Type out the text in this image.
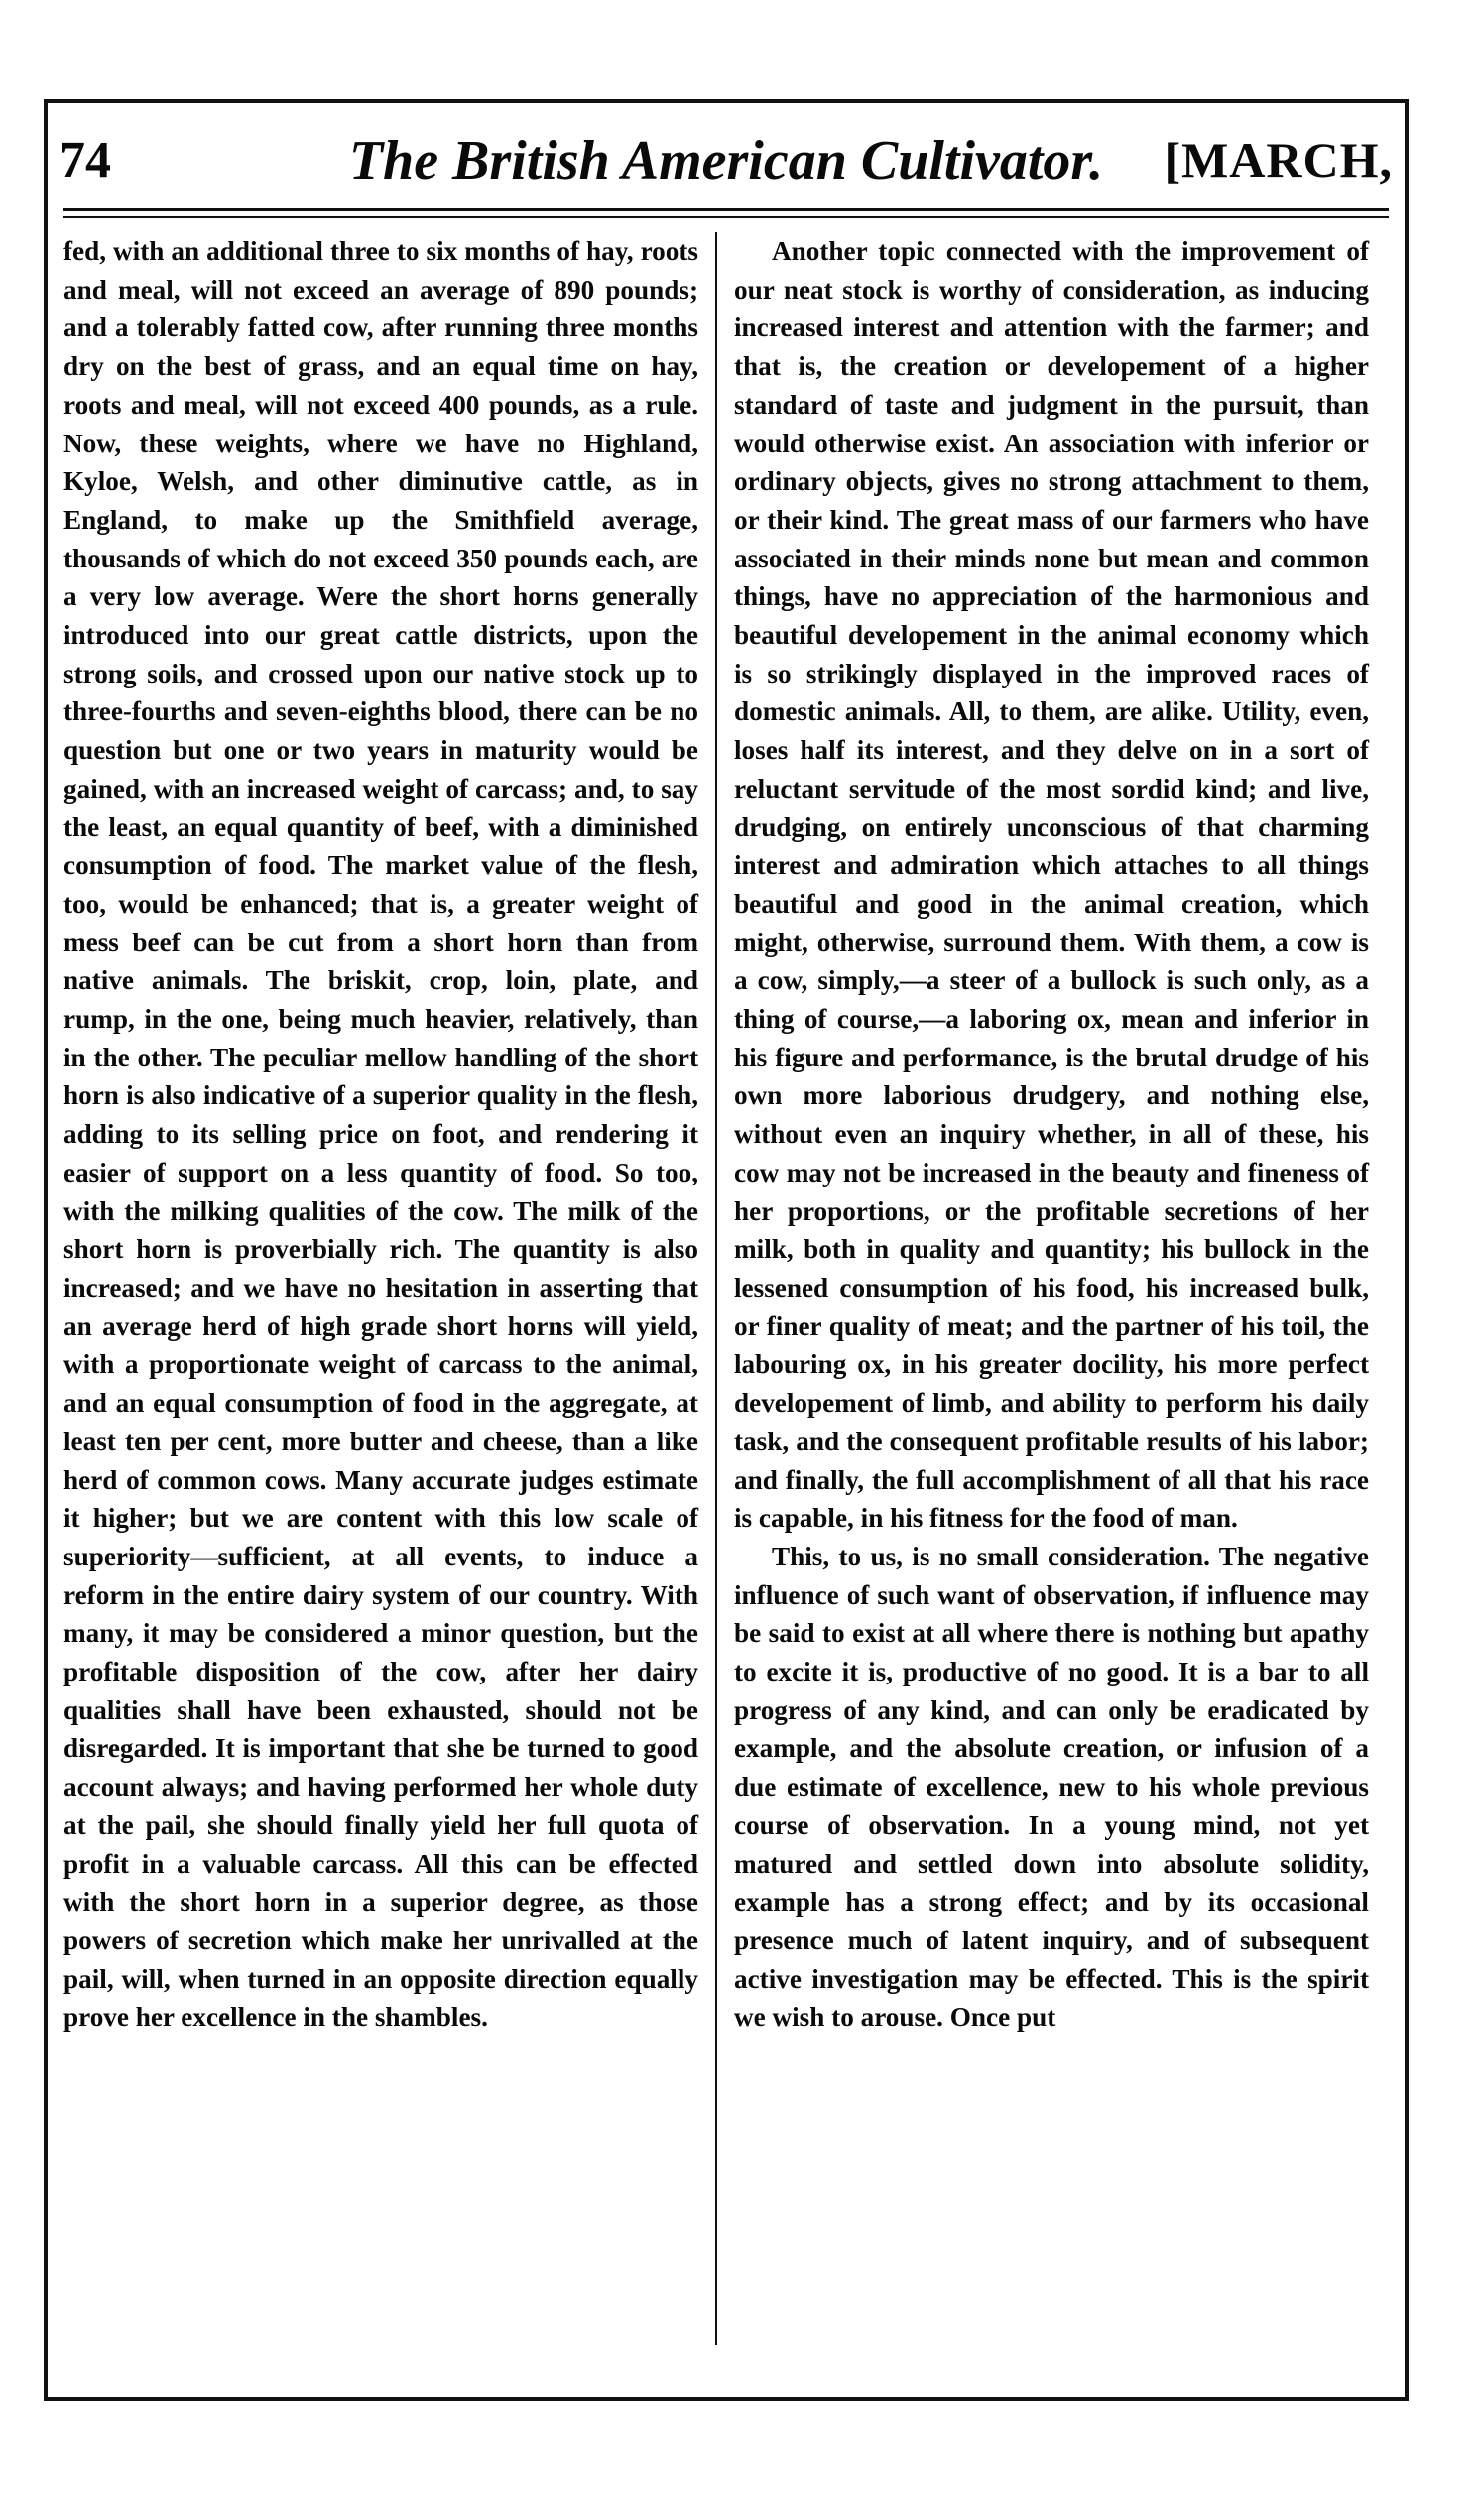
74	The British American Cultivator.	[MARCH,

fed, with an additional three to six months of hay, roots and meal, will not exceed an average of 890 pounds; and a tolerably fatted cow, after running three months dry on the best of grass, and an equal time on hay, roots and meal, will not exceed 400 pounds, as a rule. Now, these weights, where we have no Highland, Kyloe, Welsh, and other diminutive cattle, as in England, to make up the Smithfield average, thousands of which do not exceed 350 pounds each, are a very low average. Were the short horns generally introduced into our great cattle districts, upon the strong soils, and crossed upon our native stock up to three-fourths and seven-eighths blood, there can be no question but one or two years in maturity would be gained, with an increased weight of carcass; and, to say the least, an equal quantity of beef, with a diminished consumption of food. The market value of the flesh, too, would be enhanced; that is, a greater weight of mess beef can be cut from a short horn than from native animals. The briskit, crop, loin, plate, and rump, in the one, being much heavier, relatively, than in the other. The peculiar mellow handling of the short horn is also indicative of a superior quality in the flesh, adding to its selling price on foot, and rendering it easier of support on a less quantity of food. So too, with the milking qualities of the cow. The milk of the short horn is proverbially rich. The quantity is also increased; and we have no hesitation in asserting that an average herd of high grade short horns will yield, with a proportionate weight of carcass to the animal, and an equal consumption of food in the aggregate, at least ten per cent, more butter and cheese, than a like herd of common cows. Many accurate judges estimate it higher; but we are content with this low scale of superiority—sufficient, at all events, to induce a reform in the entire dairy system of our country. With many, it may be considered a minor question, but the profitable disposition of the cow, after her dairy qualities shall have been exhausted, should not be disregarded. It is important that she be turned to good account always; and having performed her whole duty at the pail, she should finally yield her full quota of profit in a valuable carcass. All this can be effected with the short horn in a superior degree, as those powers of secretion which make her unrivalled at the pail, will, when turned in an opposite direction equally prove her excellence in the shambles.

Another topic connected with the improvement of our neat stock is worthy of consideration, as inducing increased interest and attention with the farmer; and that is, the creation or developement of a higher standard of taste and judgment in the pursuit, than would otherwise exist. An association with inferior or ordinary objects, gives no strong attachment to them, or their kind. The great mass of our farmers who have associated in their minds none but mean and common things, have no appreciation of the harmonious and beautiful developement in the animal economy which is so strikingly displayed in the improved races of domestic animals. All, to them, are alike. Utility, even, loses half its interest, and they delve on in a sort of reluctant servitude of the most sordid kind; and live, drudging, on entirely unconscious of that charming interest and admiration which attaches to all things beautiful and good in the animal creation, which might, otherwise, surround them. With them, a cow is a cow, simply,—a steer of a bullock is such only, as a thing of course,—a laboring ox, mean and inferior in his figure and performance, is the brutal drudge of his own more laborious drudgery, and nothing else, without even an inquiry whether, in all of these, his cow may not be increased in the beauty and fineness of her proportions, or the profitable secretions of her milk, both in quality and quantity; his bullock in the lessened consumption of his food, his increased bulk, or finer quality of meat; and the partner of his toil, the labouring ox, in his greater docility, his more perfect developement of limb, and ability to perform his daily task, and the consequent profitable results of his labor; and finally, the full accomplishment of all that his race is capable, in his fitness for the food of man.

This, to us, is no small consideration. The negative influence of such want of observation, if influence may be said to exist at all where there is nothing but apathy to excite it is, productive of no good. It is a bar to all progress of any kind, and can only be eradicated by example, and the absolute creation, or infusion of a due estimate of excellence, new to his whole previous course of observation. In a young mind, not yet matured and settled down into absolute solidity, example has a strong effect; and by its occasional presence much of latent inquiry, and of subsequent active investigation may be effected. This is the spirit we wish to arouse. Once put
